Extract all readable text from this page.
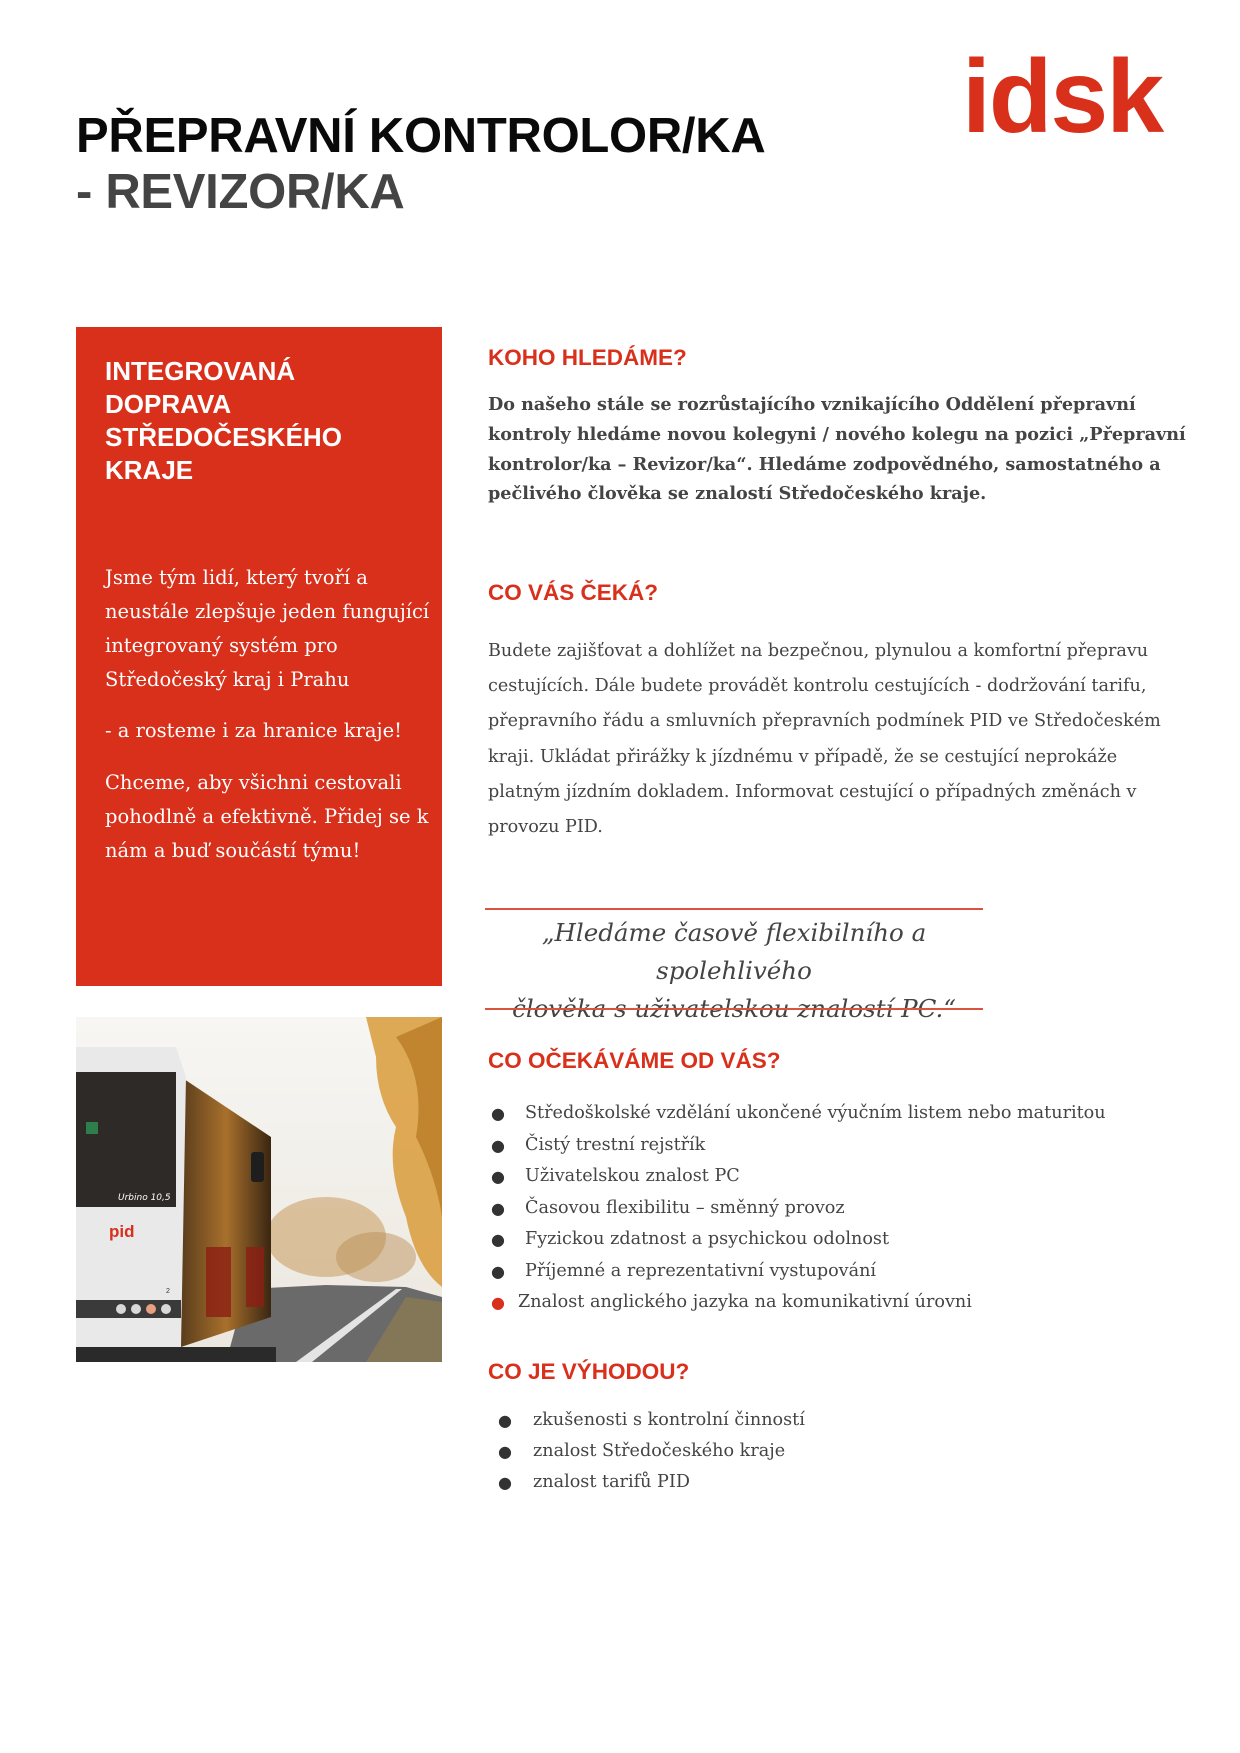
PŘEPRAVNÍ KONTROLOR/KA
- REVIZOR/KA
idsk
INTEGROVANÁ DOPRAVA STŘEDOČESKÉHO KRAJE

Jsme tým lidí, který tvoří a neustále zlepšuje jeden fungující integrovaný systém pro Středočeský kraj i Prahu

- a rosteme i za hranice kraje!

Chceme, aby všichni cestovali pohodlně a efektivně. Přidej se k nám a buď součástí týmu!

Urbino 10,5
pid
2
KOHO HLEDÁME?

Do našeho stále se rozrůstajícího vznikajícího Oddělení přepravní kontroly hledáme novou kolegyni / nového kolegu na pozici „Přepravní kontrolor/ka – Revizor/ka“. Hledáme zodpovědného, samostatného a pečlivého člověka se znalostí Středočeského kraje.

CO VÁS ČEKÁ?

Budete zajišťovat a dohlížet na bezpečnou, plynulou a komfortní přepravu cestujících. Dále budete provádět kontrolu cestujících - dodržování tarifu, přepravního řádu a smluvních přepravních podmínek PID ve Středočeském kraji. Ukládat přirážky k jízdnému v případě, že se cestující neprokáže platným jízdním dokladem. Informovat cestující o případných změnách v provozu PID.

„Hledáme časově flexibilního a spolehlivého
člověka s uživatelskou znalostí PC.“

CO OČEKÁVÁME OD VÁS?
● Středoškolské vzdělání ukončené výučním listem nebo maturitou
● Čistý trestní rejstřík
● Uživatelskou znalost PC
● Časovou flexibilitu – směnný provoz
● Fyzickou zdatnost a psychickou odolnost
● Příjemné a reprezentativní vystupování
● Znalost anglického jazyka na komunikativní úrovni
CO JE VÝHODOU?
● zkušenosti s kontrolní činností
● znalost Středočeského kraje
● znalost tarifů PID
